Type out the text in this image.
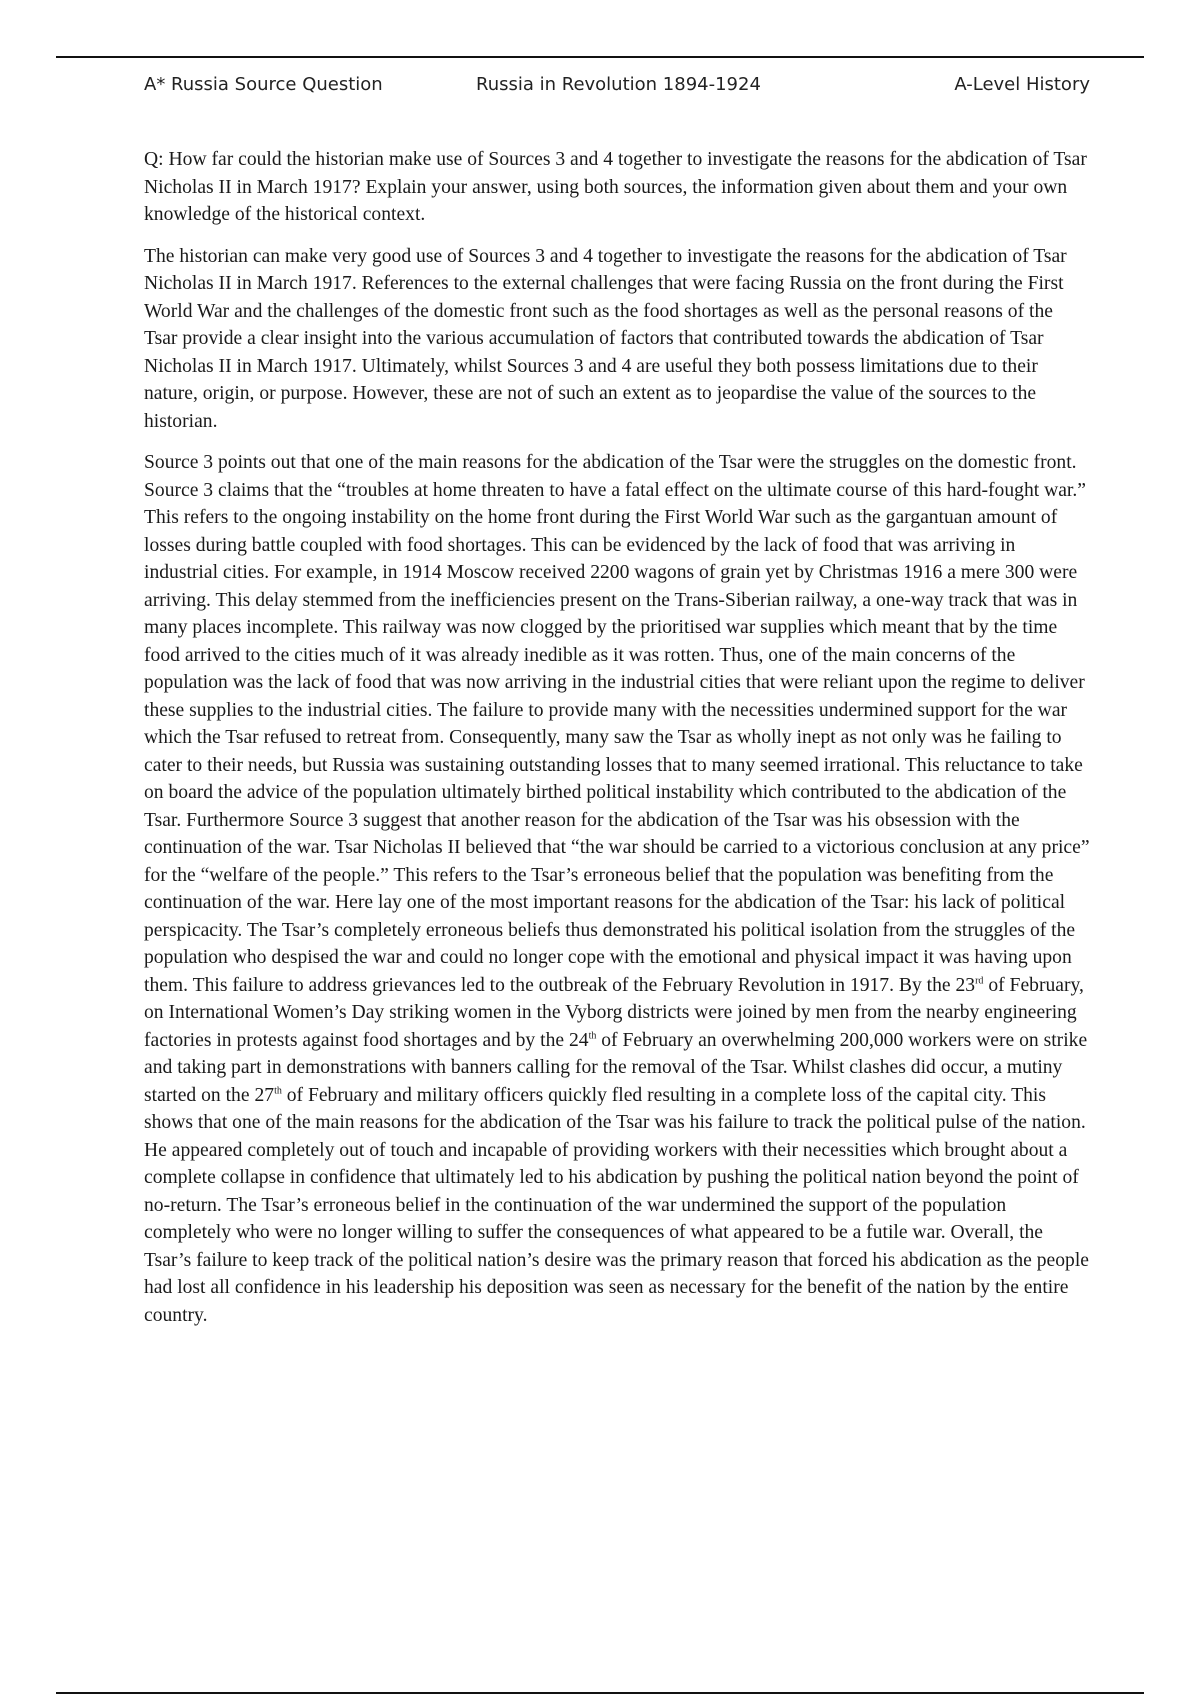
A* Russia Source Question	Russia in Revolution 1894-1924	A-Level History

Q: How far could the historian make use of Sources 3 and 4 together to investigate the reasons for the abdication of Tsar Nicholas II in March 1917? Explain your answer, using both sources, the information given about them and your own knowledge of the historical context.

The historian can make very good use of Sources 3 and 4 together to investigate the reasons for the abdication of Tsar Nicholas II in March 1917. References to the external challenges that were facing Russia on the front during the First World War and the challenges of the domestic front such as the food shortages as well as the personal reasons of the Tsar provide a clear insight into the various accumulation of factors that contributed towards the abdication of Tsar Nicholas II in March 1917. Ultimately, whilst Sources 3 and 4 are useful they both possess limitations due to their nature, origin, or purpose. However, these are not of such an extent as to jeopardise the value of the sources to the historian.

Source 3 points out that one of the main reasons for the abdication of the Tsar were the struggles on the domestic front. Source 3 claims that the “troubles at home threaten to have a fatal effect on the ultimate course of this hard-fought war.” This refers to the ongoing instability on the home front during the First World War such as the gargantuan amount of losses during battle coupled with food shortages. This can be evidenced by the lack of food that was arriving in industrial cities. For example, in 1914 Moscow received 2200 wagons of grain yet by Christmas 1916 a mere 300 were arriving. This delay stemmed from the inefficiencies present on the Trans-Siberian railway, a one-way track that was in many places incomplete. This railway was now clogged by the prioritised war supplies which meant that by the time food arrived to the cities much of it was already inedible as it was rotten. Thus, one of the main concerns of the population was the lack of food that was now arriving in the industrial cities that were reliant upon the regime to deliver these supplies to the industrial cities. The failure to provide many with the necessities undermined support for the war which the Tsar refused to retreat from. Consequently, many saw the Tsar as wholly inept as not only was he failing to cater to their needs, but Russia was sustaining outstanding losses that to many seemed irrational. This reluctance to take on board the advice of the population ultimately birthed political instability which contributed to the abdication of the Tsar. Furthermore Source 3 suggest that another reason for the abdication of the Tsar was his obsession with the continuation of the war. Tsar Nicholas II believed that “the war should be carried to a victorious conclusion at any price” for the “welfare of the people.” This refers to the Tsar’s erroneous belief that the population was benefiting from the continuation of the war. Here lay one of the most important reasons for the abdication of the Tsar: his lack of political perspicacity. The Tsar’s completely erroneous beliefs thus demonstrated his political isolation from the struggles of the population who despised the war and could no longer cope with the emotional and physical impact it was having upon them. This failure to address grievances led to the outbreak of the February Revolution in 1917. By the 23rd of February, on International Women’s Day striking women in the Vyborg districts were joined by men from the nearby engineering factories in protests against food shortages and by the 24th of February an overwhelming 200,000 workers were on strike and taking part in demonstrations with banners calling for the removal of the Tsar. Whilst clashes did occur, a mutiny started on the 27th of February and military officers quickly fled resulting in a complete loss of the capital city. This shows that one of the main reasons for the abdication of the Tsar was his failure to track the political pulse of the nation. He appeared completely out of touch and incapable of providing workers with their necessities which brought about a complete collapse in confidence that ultimately led to his abdication by pushing the political nation beyond the point of no-return. The Tsar’s erroneous belief in the continuation of the war undermined the support of the population completely who were no longer willing to suffer the consequences of what appeared to be a futile war. Overall, the Tsar’s failure to keep track of the political nation’s desire was the primary reason that forced his abdication as the people had lost all confidence in his leadership his deposition was seen as necessary for the benefit of the nation by the entire country.
